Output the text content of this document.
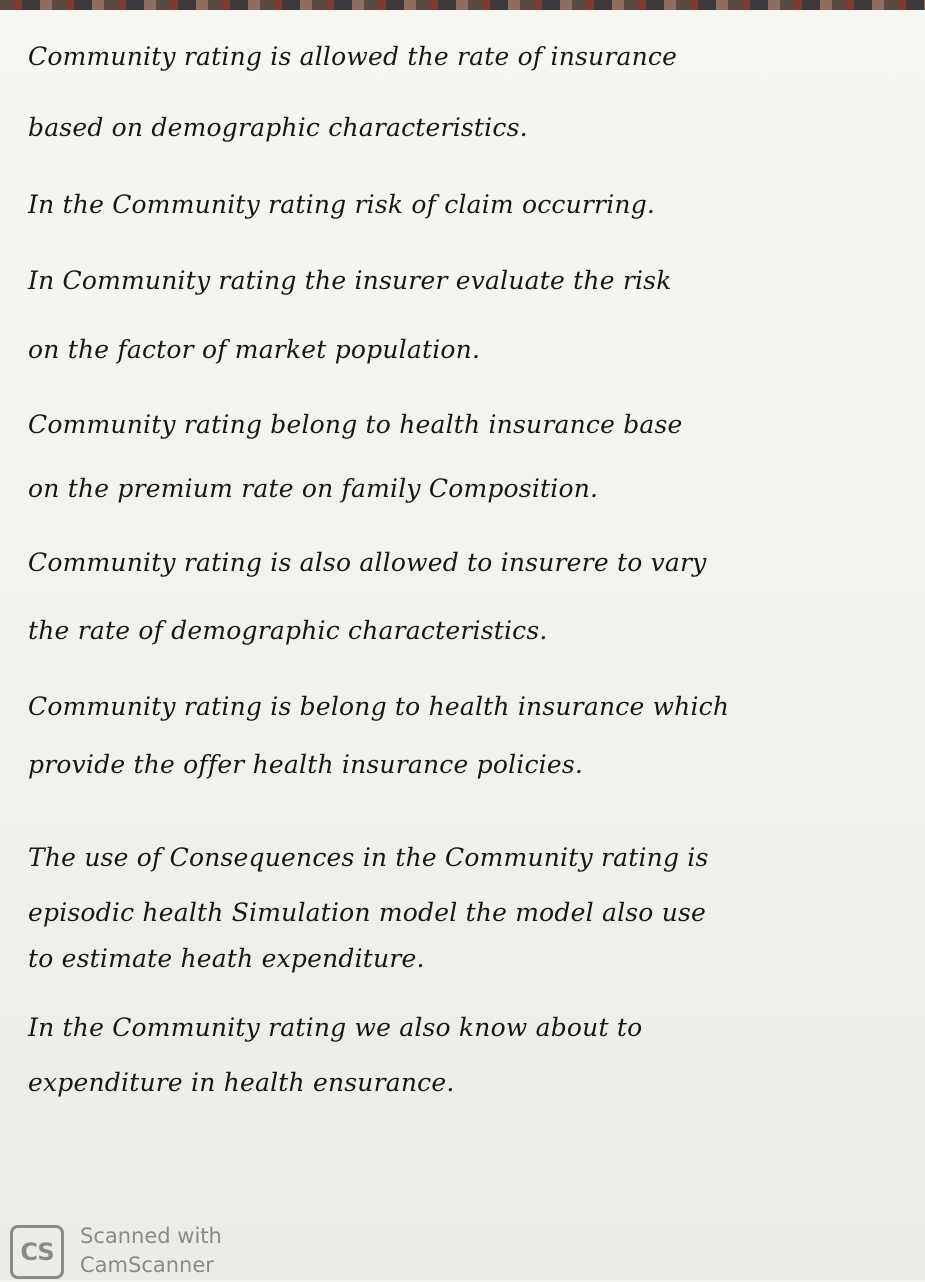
Community rating is allowed the rate of insurance
based on demographic characteristics.
In the Community rating risk of claim occurring.
In Community rating the insurer evaluate the risk
on the factor of market population.
Community rating belong to health insurance base
on the premium rate on family Composition.
Community rating is also allowed to insurere to vary
the rate of demographic characteristics.
Community rating is belong to health insurance which
provide the offer health insurance policies.
The use of Consequences in the Community rating is
episodic health Simulation model the model also use
to estimate heath expenditure.
In the Community rating we also know about to
expenditure in health ensurance.
CS
Scanned with
CamScanner
